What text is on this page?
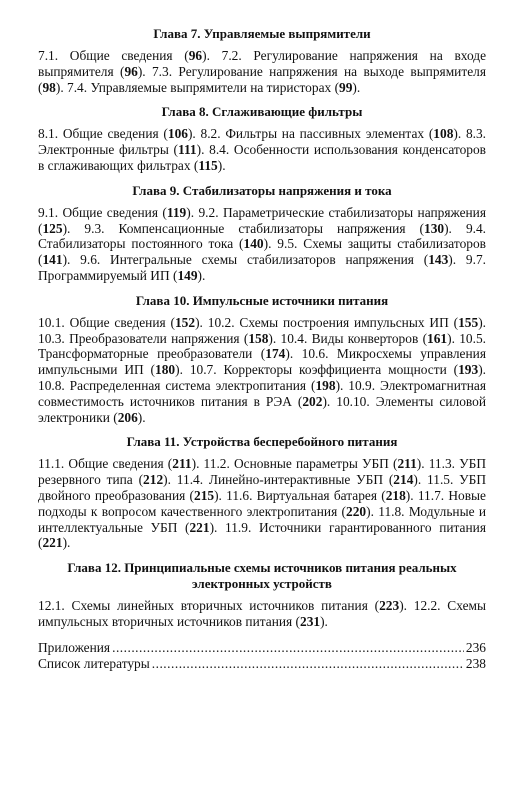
Глава 7. Управляемые выпрямители
7.1. Общие сведения (96). 7.2. Регулирование напряжения на входе выпрямителя (96). 7.3. Регулирование напряжения на выходе выпрямителя (98). 7.4. Управляемые выпрямители на тиристорах (99).
Глава 8. Сглаживающие фильтры
8.1. Общие сведения (106). 8.2. Фильтры на пассивных элементах (108). 8.3. Электронные фильтры (111). 8.4. Особенности использования конденсаторов в сглаживающих фильтрах (115).
Глава 9. Стабилизаторы напряжения и тока
9.1. Общие сведения (119). 9.2. Параметрические стабилизаторы напряжения (125). 9.3. Компенсационные стабилизаторы напряжения (130). 9.4. Стабилизаторы постоянного тока (140). 9.5. Схемы защиты стабилизаторов (141). 9.6. Интегральные схемы стабилизаторов напряжения (143). 9.7. Программируемый ИП (149).
Глава 10. Импульсные источники питания
10.1. Общие сведения (152). 10.2. Схемы построения импульсных ИП (155). 10.3. Преобразователи напряжения (158). 10.4. Виды конверторов (161). 10.5. Трансформаторные преобразователи (174). 10.6. Микросхемы управления импульсными ИП (180). 10.7. Корректоры коэффициента мощности (193). 10.8. Распределенная система электропитания (198). 10.9. Электромагнитная совместимость источников питания в РЭА (202). 10.10. Элементы силовой электроники (206).
Глава 11. Устройства бесперебойного питания
11.1. Общие сведения (211). 11.2. Основные параметры УБП (211). 11.3. УБП резервного типа (212). 11.4. Линейно-интерактивные УБП (214). 11.5. УБП двойного преобразования (215). 11.6. Виртуальная батарея (218). 11.7. Новые подходы к вопросом качественного электропитания (220). 11.8. Модульные и интеллектуальные УБП (221). 11.9. Источники гарантированного питания (221).
Глава 12. Принципиальные схемы источников питания реальных электронных устройств
12.1. Схемы линейных вторичных источников питания (223). 12.2. Схемы импульсных вторичных источников питания (231).
Приложения .....	236
Список литературы .....	238
